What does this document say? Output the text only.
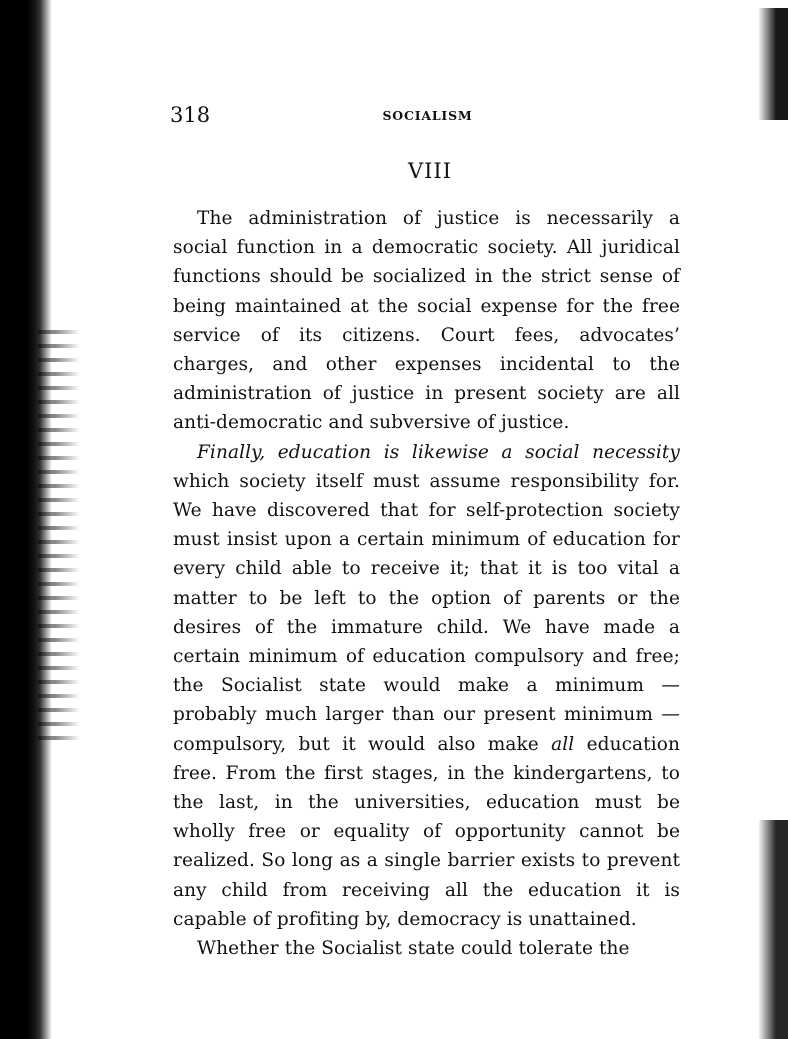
318	SOCIALISM
VIII

The administration of justice is necessarily a social function in a democratic society. All juridical functions should be socialized in the strict sense of being maintained at the social expense for the free service of its citizens. Court fees, advocates’ charges, and other expenses incidental to the administration of justice in present society are all anti-democratic and subversive of justice.

Finally, education is likewise a social necessity which society itself must assume responsibility for. We have discovered that for self-protection society must insist upon a certain minimum of education for every child able to receive it; that it is too vital a matter to be left to the option of parents or the desires of the immature child. We have made a certain minimum of education compulsory and free; the Socialist state would make a minimum — probably much larger than our present minimum — compulsory, but it would also make all education free. From the first stages, in the kindergartens, to the last, in the universities, education must be wholly free or equality of opportunity cannot be realized. So long as a single barrier exists to prevent any child from receiving all the education it is capable of profiting by, democracy is unattained.

Whether the Socialist state could tolerate the
